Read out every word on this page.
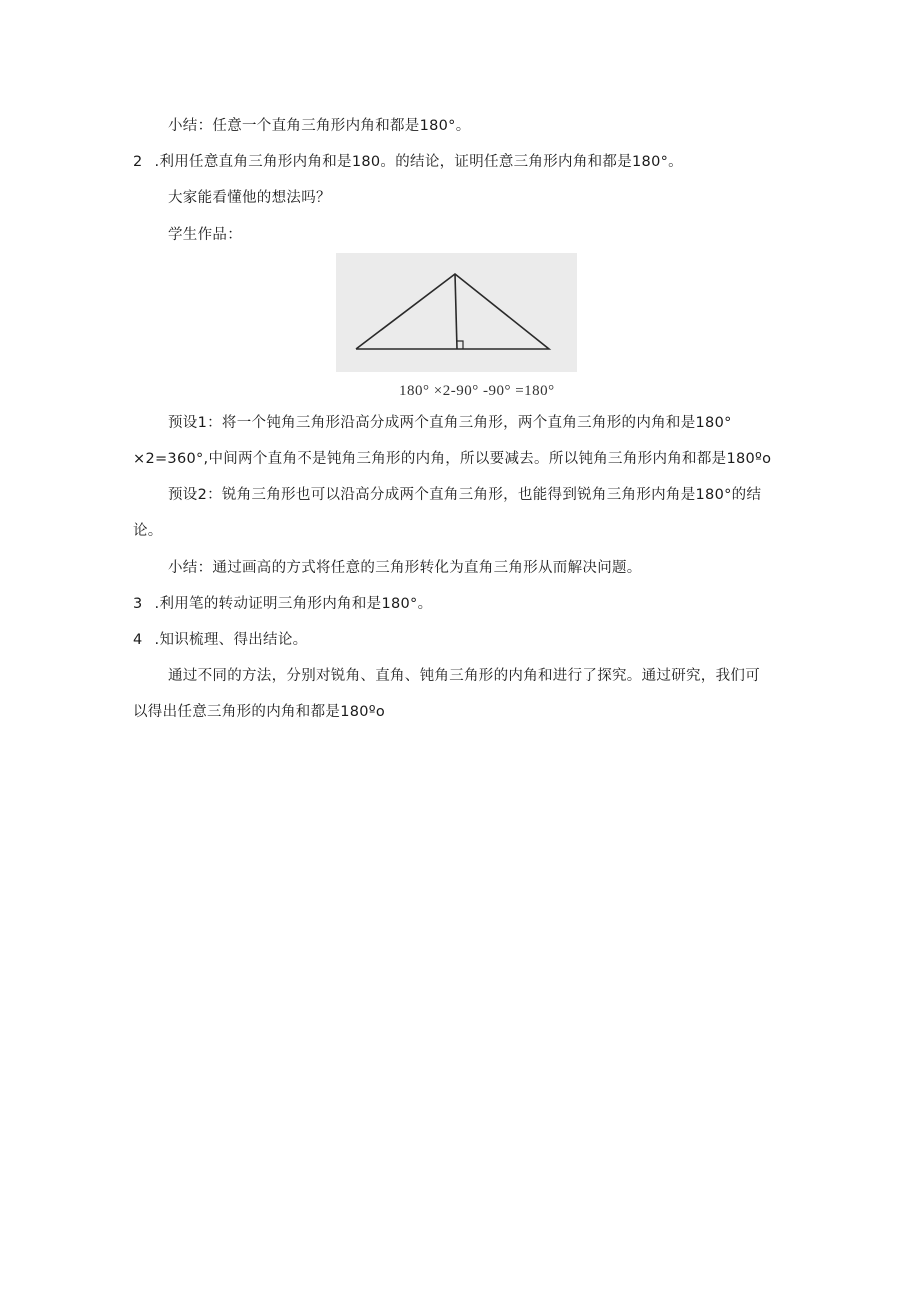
小结：任意一个直角三角形内角和都是180°。
2 .利用任意直角三角形内角和是180。的结论，证明任意三角形内角和都是180°。
大家能看懂他的想法吗？
学生作品：
180° ×2-90° -90° =180°
预设1：将一个钝角三角形沿高分成两个直角三角形，两个直角三角形的内角和是180°
×2=360°,中间两个直角不是钝角三角形的内角，所以要减去。所以钝角三角形内角和都是180ºo
预设2：锐角三角形也可以沿高分成两个直角三角形，也能得到锐角三角形内角是180°的结
论。
小结：通过画高的方式将任意的三角形转化为直角三角形从而解决问题。
3 .利用笔的转动证明三角形内角和是180°。
4 .知识梳理、得出结论。
通过不同的方法，分别对锐角、直角、钝角三角形的内角和进行了探究。通过研究，我们可
以得出任意三角形的内角和都是180ºo
